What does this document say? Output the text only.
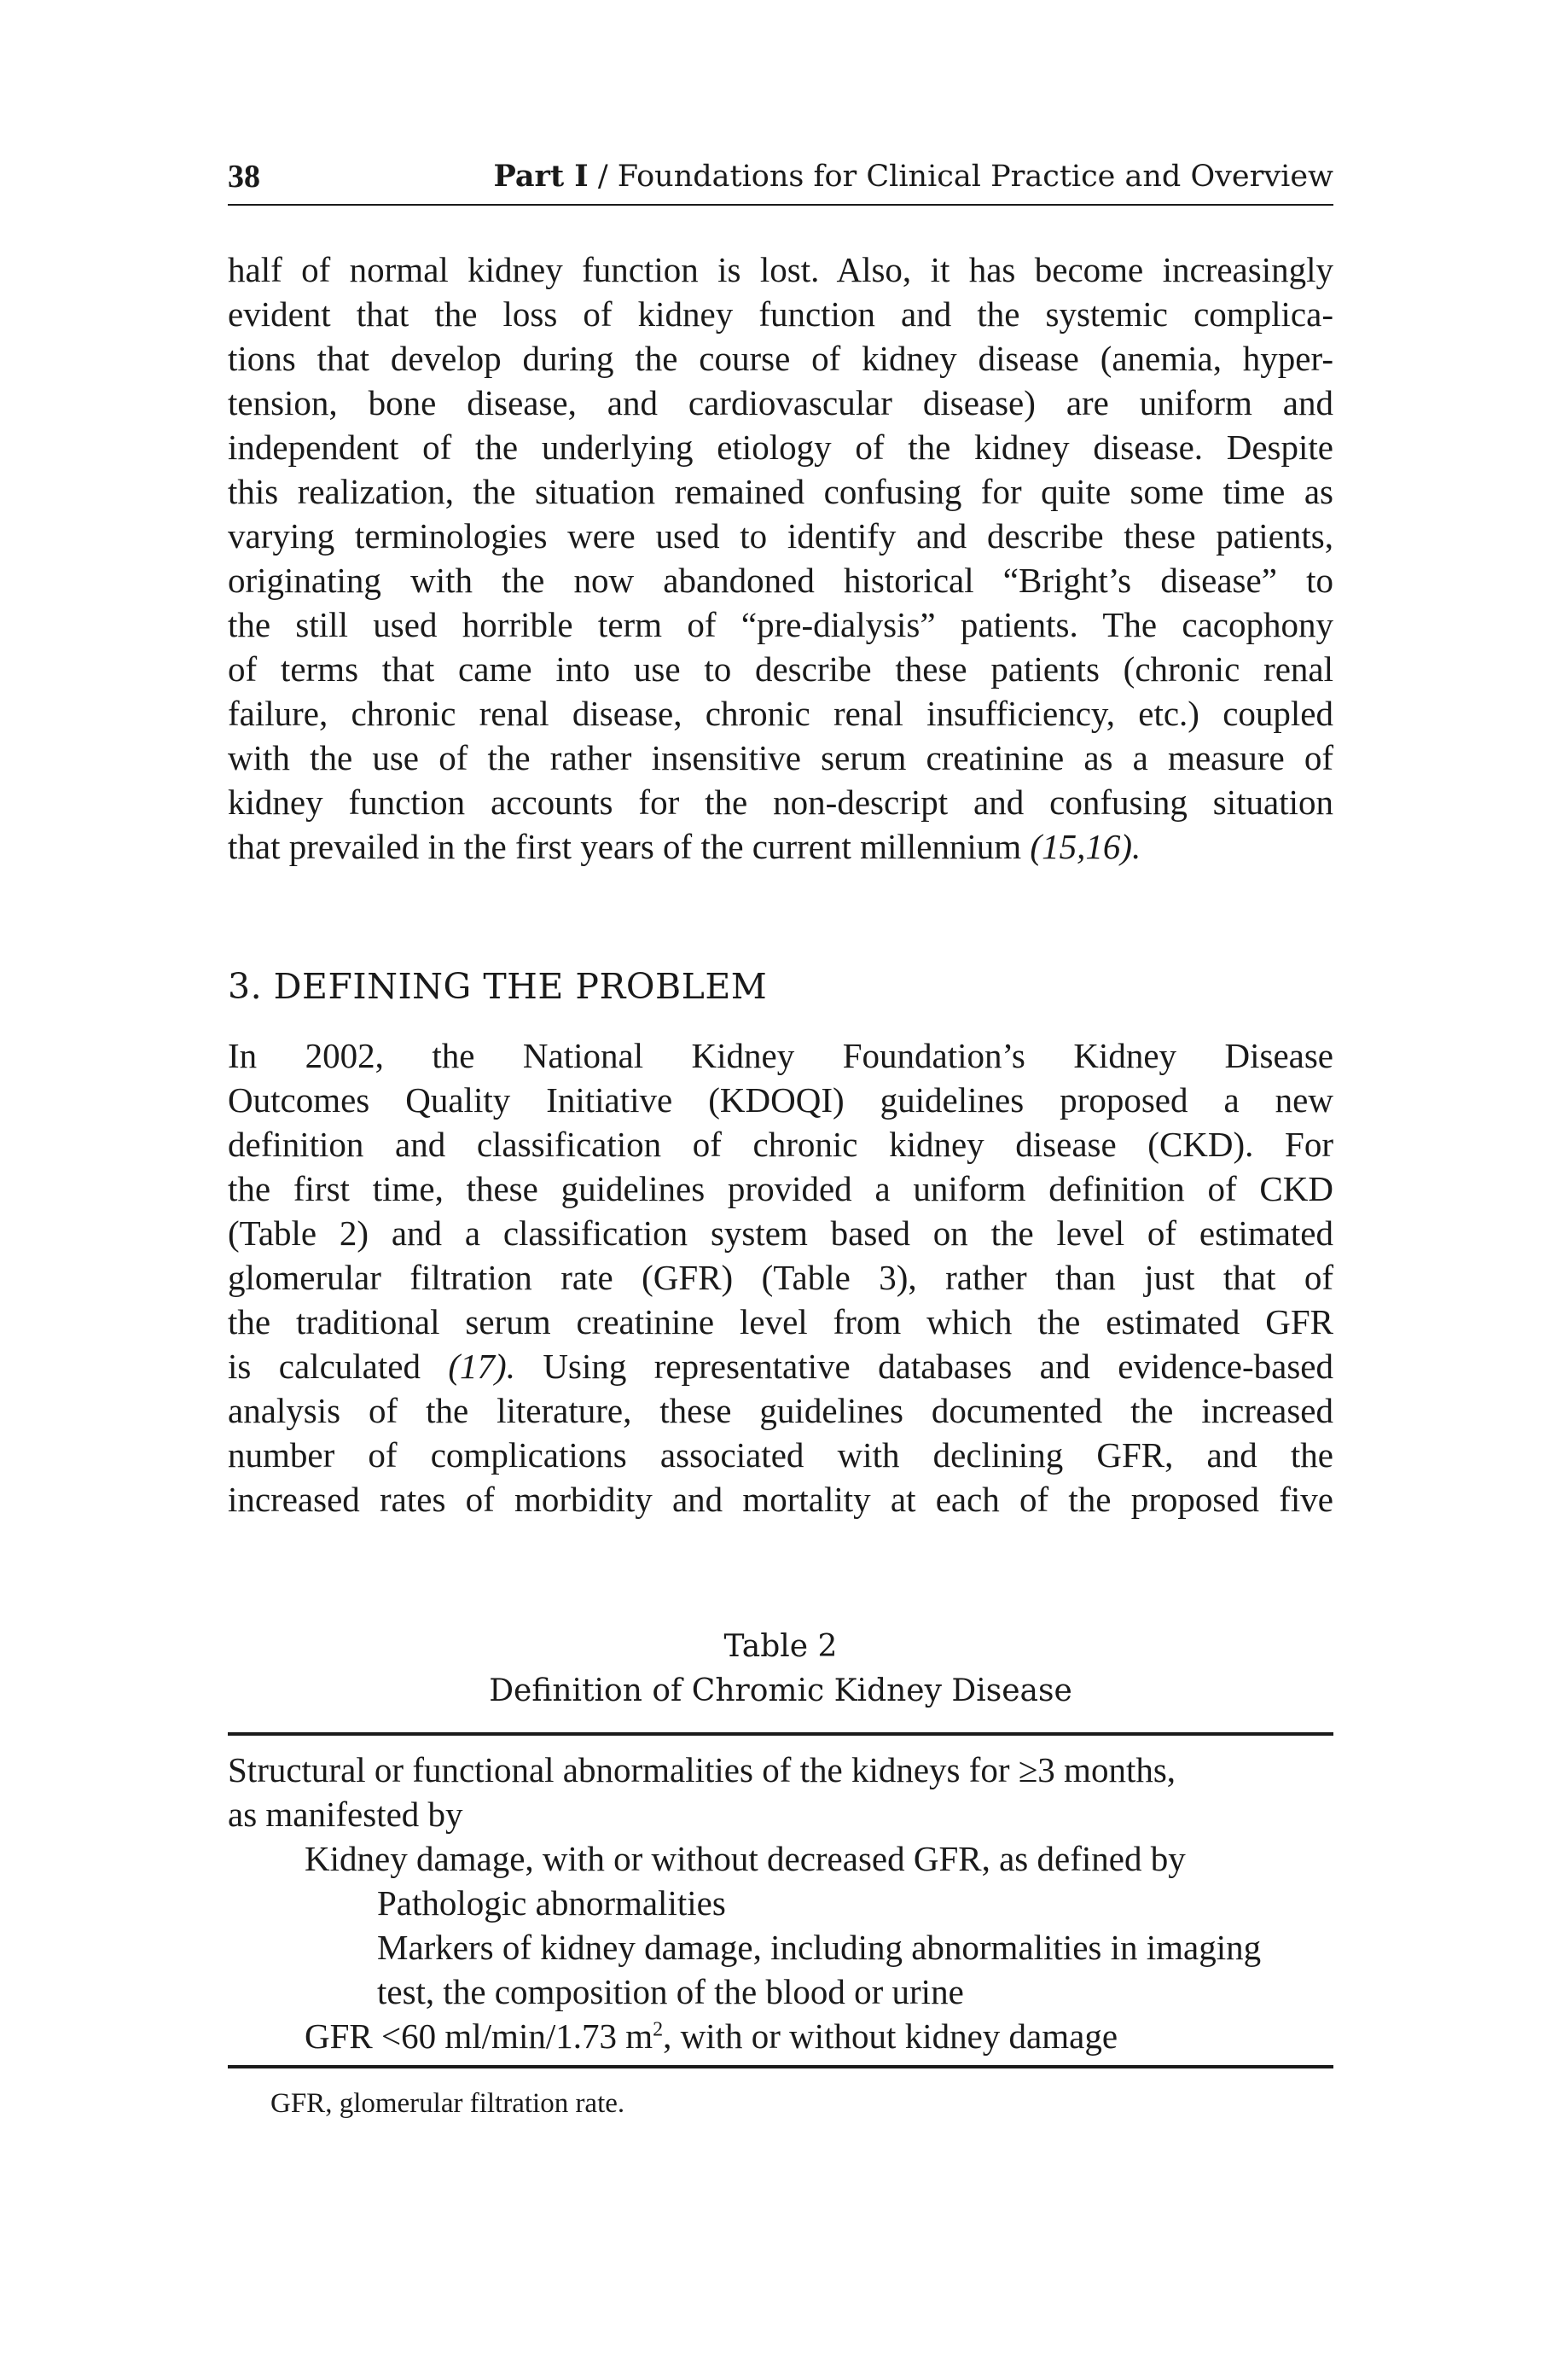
38	Part I / Foundations for Clinical Practice and Overview
half of normal kidney function is lost. Also, it has become increasingly
evident that the loss of kidney function and the systemic complica-
tions that develop during the course of kidney disease (anemia, hyper-
tension, bone disease, and cardiovascular disease) are uniform and
independent of the underlying etiology of the kidney disease. Despite
this realization, the situation remained confusing for quite some time as
varying terminologies were used to identify and describe these patients,
originating with the now abandoned historical “Bright’s disease” to
the still used horrible term of “pre-dialysis” patients. The cacophony
of terms that came into use to describe these patients (chronic renal
failure, chronic renal disease, chronic renal insufficiency, etc.) coupled
with the use of the rather insensitive serum creatinine as a measure of
kidney function accounts for the non-descript and confusing situation
that prevailed in the first years of the current millennium (15,16).
3. DEFINING THE PROBLEM
In 2002, the National Kidney Foundation’s Kidney Disease
Outcomes Quality Initiative (KDOQI) guidelines proposed a new
definition and classification of chronic kidney disease (CKD). For
the first time, these guidelines provided a uniform definition of CKD
(Table 2) and a classification system based on the level of estimated
glomerular filtration rate (GFR) (Table 3), rather than just that of
the traditional serum creatinine level from which the estimated GFR
is calculated (17). Using representative databases and evidence-based
analysis of the literature, these guidelines documented the increased
number of complications associated with declining GFR, and the
increased rates of morbidity and mortality at each of the proposed five
Table 2
Definition of Chromic Kidney Disease
Structural or functional abnormalities of the kidneys for ≥3 months,
as manifested by
Kidney damage, with or without decreased GFR, as defined by
Pathologic abnormalities
Markers of kidney damage, including abnormalities in imaging
test, the composition of the blood or urine
GFR <60 ml/min/1.73 $m^2$, with or without kidney damage
GFR, glomerular filtration rate.
